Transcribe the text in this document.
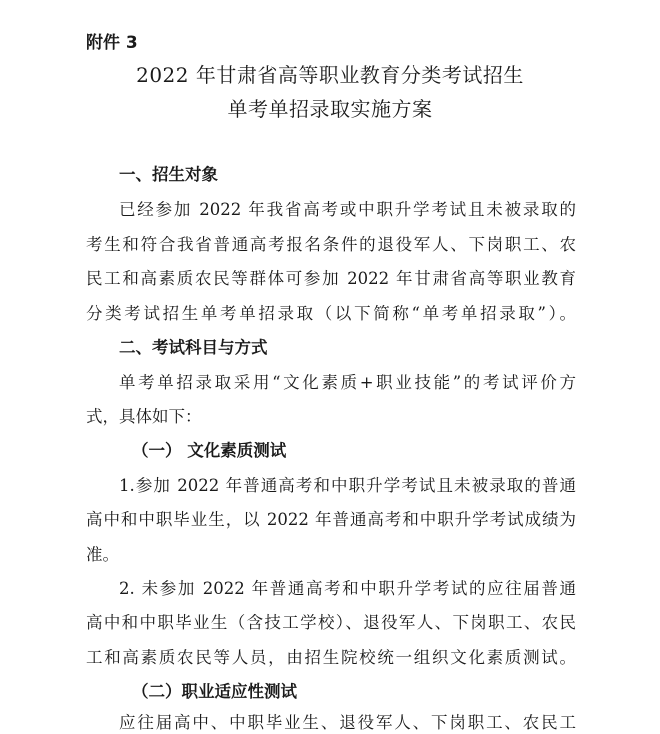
附件 3
2022 年甘肃省高等职业教育分类考试招生
单考单招录取实施方案
一、招生对象
已经参加 2022 年我省高考或中职升学考试且未被录取的
考生和符合我省普通高考报名条件的退役军人、下岗职工、农
民工和高素质农民等群体可参加 2022 年甘肃省高等职业教育
分类考试招生单考单招录取（以下简称“单考单招录取”）。
二、考试科目与方式
单考单招录取采用“文化素质+职业技能”的考试评价方
式，具体如下：
（一） 文化素质测试
1.参加 2022 年普通高考和中职升学考试且未被录取的普通
高中和中职毕业生，以 2022 年普通高考和中职升学考试成绩为
准。
2. 未参加 2022 年普通高考和中职升学考试的应往届普通
高中和中职毕业生（含技工学校）、退役军人、下岗职工、农民
工和高素质农民等人员，由招生院校统一组织文化素质测试。
（二）职业适应性测试
应往届高中、中职毕业生、退役军人、下岗职工、农民工
